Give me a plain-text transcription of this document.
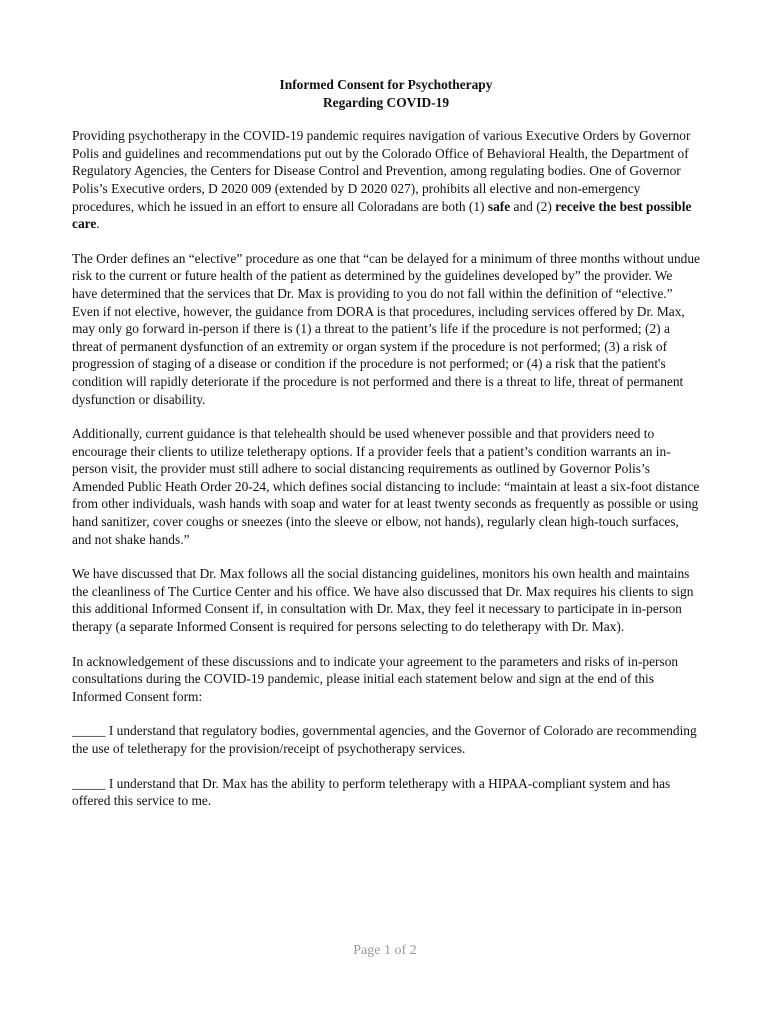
Informed Consent for Psychotherapy
Regarding COVID-19

Providing psychotherapy in the COVID-19 pandemic requires navigation of various Executive Orders by Governor Polis and guidelines and recommendations put out by the Colorado Office of Behavioral Health, the Department of Regulatory Agencies, the Centers for Disease Control and Prevention, among regulating bodies. One of Governor Polis’s Executive orders, D 2020 009 (extended by D 2020 027), prohibits all elective and non-emergency procedures, which he issued in an effort to ensure all Coloradans are both (1) safe and (2) receive the best possible care.

The Order defines an “elective” procedure as one that “can be delayed for a minimum of three months without undue risk to the current or future health of the patient as determined by the guidelines developed by” the provider. We have determined that the services that Dr. Max is providing to you do not fall within the definition of “elective.” Even if not elective, however, the guidance from DORA is that procedures, including services offered by Dr. Max, may only go forward in-person if there is (1) a threat to the patient’s life if the procedure is not performed; (2) a threat of permanent dysfunction of an extremity or organ system if the procedure is not performed; (3) a risk of progression of staging of a disease or condition if the procedure is not performed; or (4) a risk that the patient's condition will rapidly deteriorate if the procedure is not performed and there is a threat to life, threat of permanent dysfunction or disability.

Additionally, current guidance is that telehealth should be used whenever possible and that providers need to encourage their clients to utilize teletherapy options. If a provider feels that a patient’s condition warrants an in-person visit, the provider must still adhere to social distancing requirements as outlined by Governor Polis’s Amended Public Heath Order 20-24, which defines social distancing to include: “maintain at least a six-foot distance from other individuals, wash hands with soap and water for at least twenty seconds as frequently as possible or using hand sanitizer, cover coughs or sneezes (into the sleeve or elbow, not hands), regularly clean high-touch surfaces, and not shake hands.”

We have discussed that Dr. Max follows all the social distancing guidelines, monitors his own health and maintains the cleanliness of The Curtice Center and his office. We have also discussed that Dr. Max requires his clients to sign this additional Informed Consent if, in consultation with Dr. Max, they feel it necessary to participate in in-person therapy (a separate Informed Consent is required for persons selecting to do teletherapy with Dr. Max).

In acknowledgement of these discussions and to indicate your agreement to the parameters and risks of in-person consultations during the COVID-19 pandemic, please initial each statement below and sign at the end of this Informed Consent form:

_____ I understand that regulatory bodies, governmental agencies, and the Governor of Colorado are recommending the use of teletherapy for the provision/receipt of psychotherapy services.
_____ I understand that Dr. Max has the ability to perform teletherapy with a HIPAA-compliant system and has offered this service to me.
Page 1 of 2
